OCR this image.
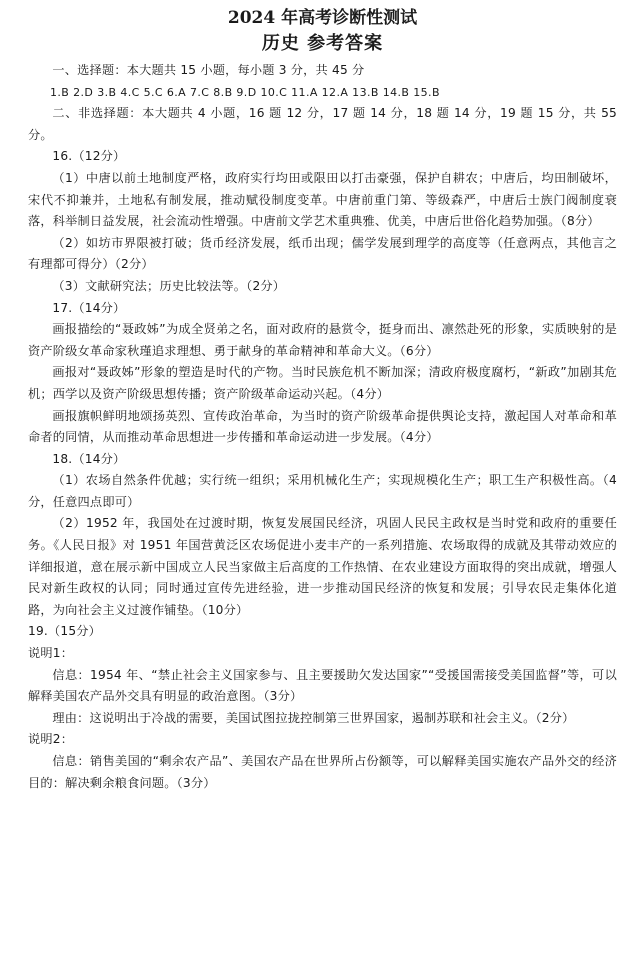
2024 年高考诊断性测试
历史 参考答案

一、选择题：本大题共 15 小题，每小题 3 分，共 45 分

1.B 2.D 3.B 4.C 5.C 6.A 7.C 8.B 9.D 10.C 11.A 12.A 13.B 14.B 15.B

二、非选择题：本大题共 4 小题，16 题 12 分，17 题 14 分，18 题 14 分，19 题 15 分，共 55 分。

16.（12分）

（1）中唐以前土地制度严格，政府实行均田或限田以打击豪强，保护自耕农；中唐后，均田制破坏，宋代不抑兼并，土地私有制发展，推动赋役制度变革。中唐前重门第、等级森严，中唐后士族门阀制度衰落，科举制日益发展，社会流动性增强。中唐前文学艺术重典雅、优美，中唐后世俗化趋势加强。（8分）

（2）如坊市界限被打破；货币经济发展，纸币出现；儒学发展到理学的高度等（任意两点，其他言之有理都可得分）（2分）

（3）文献研究法；历史比较法等。（2分）

17.（14分）

画报描绘的“聂政姊”为成全贤弟之名，面对政府的悬赏令，挺身而出、凛然赴死的形象，实质映射的是资产阶级女革命家秋瑾追求理想、勇于献身的革命精神和革命大义。（6分）

画报对“聂政姊”形象的塑造是时代的产物。当时民族危机不断加深；清政府极度腐朽，“新政”加剧其危机；西学以及资产阶级思想传播；资产阶级革命运动兴起。（4分）

画报旗帜鲜明地颂扬英烈、宣传政治革命，为当时的资产阶级革命提供舆论支持，激起国人对革命和革命者的同情，从而推动革命思想进一步传播和革命运动进一步发展。（4分）

18.（14分）

（1）农场自然条件优越；实行统一组织；采用机械化生产；实现规模化生产；职工生产积极性高。（4分，任意四点即可）

（2）1952 年，我国处在过渡时期，恢复发展国民经济，巩固人民民主政权是当时党和政府的重要任务。《人民日报》对 1951 年国营黄泛区农场促进小麦丰产的一系列措施、农场取得的成就及其带动效应的详细报道，意在展示新中国成立人民当家做主后高度的工作热情、在农业建设方面取得的突出成就，增强人民对新生政权的认同；同时通过宣传先进经验，进一步推动国民经济的恢复和发展；引导农民走集体化道路，为向社会主义过渡作铺垫。（10分）

19.（15分）

说明1：

信息：1954 年、“禁止社会主义国家参与、且主要援助欠发达国家”“受援国需接受美国监督”等，可以解释美国农产品外交具有明显的政治意图。（3分）

理由：这说明出于冷战的需要，美国试图拉拢控制第三世界国家，遏制苏联和社会主义。（2分）

说明2：

信息：销售美国的“剩余农产品”、美国农产品在世界所占份额等，可以解释美国实施农产品外交的经济目的：解决剩余粮食问题。（3分）
